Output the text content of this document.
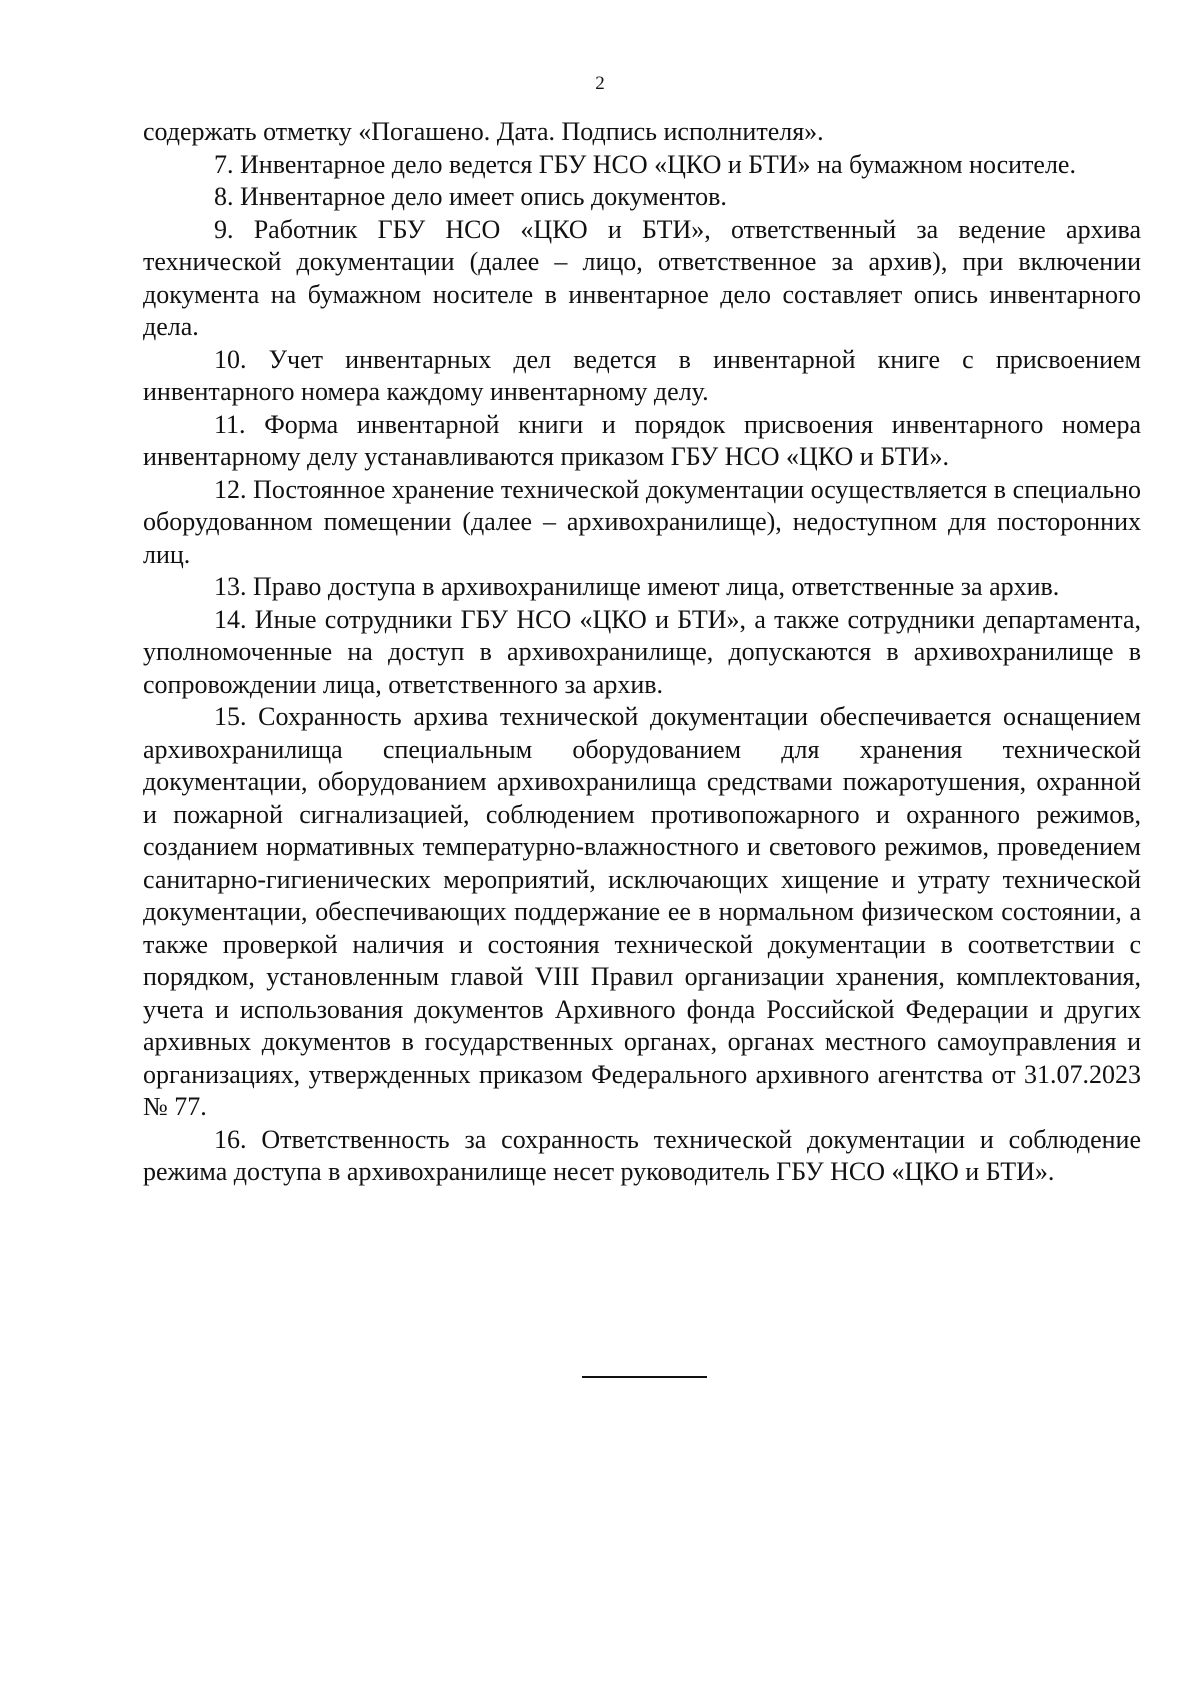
2

содержать отметку «Погашено. Дата. Подпись исполнителя».

7. Инвентарное дело ведется ГБУ НСО «ЦКО и БТИ» на бумажном носителе.

8. Инвентарное дело имеет опись документов.

9. Работник ГБУ НСО «ЦКО и БТИ», ответственный за ведение архива технической документации (далее – лицо, ответственное за архив), при включении документа на бумажном носителе в инвентарное дело составляет опись инвентарного дела.

10. Учет инвентарных дел ведется в инвентарной книге с присвоением инвентарного номера каждому инвентарному делу.

11. Форма инвентарной книги и порядок присвоения инвентарного номера инвентарному делу устанавливаются приказом ГБУ НСО «ЦКО и БТИ».

12. Постоянное хранение технической документации осуществляется в специально оборудованном помещении (далее – архивохранилище), недоступном для посторонних лиц.

13. Право доступа в архивохранилище имеют лица, ответственные за архив.

14. Иные сотрудники ГБУ НСО «ЦКО и БТИ», а также сотрудники департамента, уполномоченные на доступ в архивохранилище, допускаются в архивохранилище в сопровождении лица, ответственного за архив.

15. Сохранность архива технической документации обеспечивается оснащением архивохранилища специальным оборудованием для хранения технической документации, оборудованием архивохранилища средствами пожаротушения, охранной и пожарной сигнализацией, соблюдением противопожарного и охранного режимов, созданием нормативных температурно-влажностного и светового режимов, проведением санитарно-гигиенических мероприятий, исключающих хищение и утрату технической документации, обеспечивающих поддержание ее в нормальном физическом состоянии, а также проверкой наличия и состояния технической документации в соответствии с порядком, установленным главой VIII Правил организации хранения, комплектования, учета и использования документов Архивного фонда Российской Федерации и других архивных документов в государственных органах, органах местного самоуправления и организациях, утвержденных приказом Федерального архивного агентства от 31.07.2023 № 77.

16. Ответственность за сохранность технической документации и соблюдение режима доступа в архивохранилище несет руководитель ГБУ НСО «ЦКО и БТИ».
